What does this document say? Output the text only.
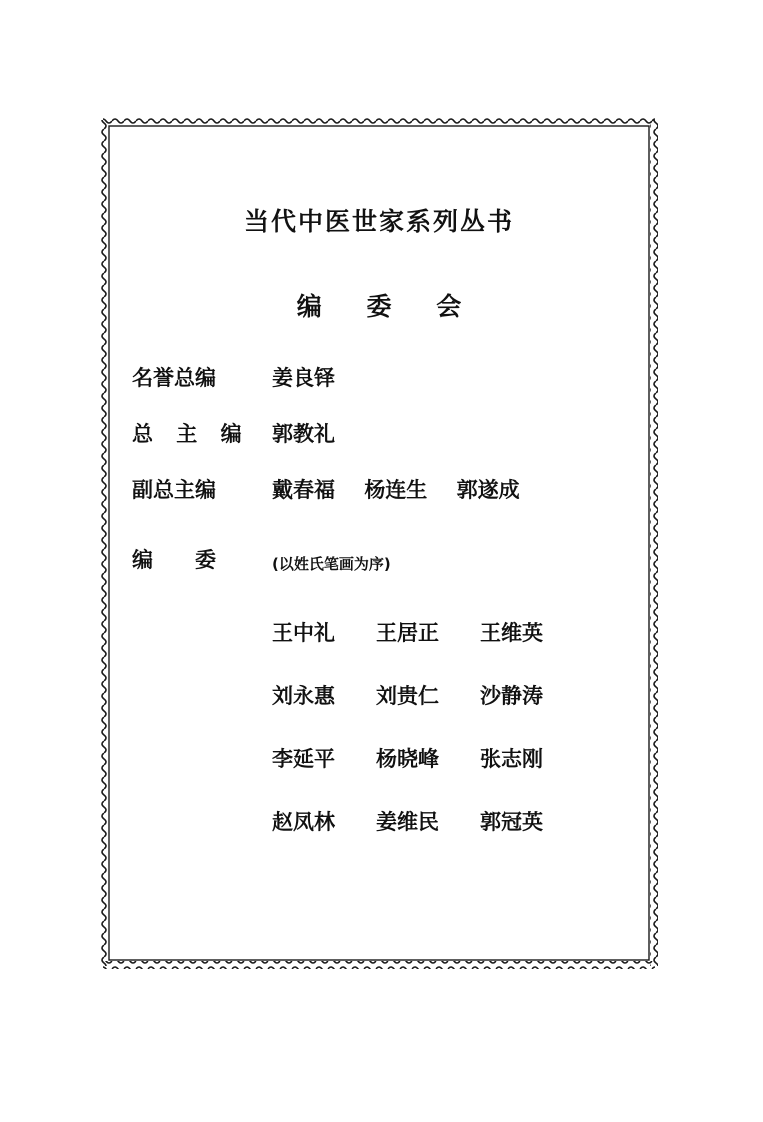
当代中医世家系列丛书
编 委 会
名誉总编	姜良铎
总 主 编	郭教礼
副总主编	戴春福 杨连生 郭遂成
编　　委	(以姓氏笔画为序)
王中礼	王居正	王维英
刘永惠	刘贵仁	沙静涛
李延平	杨晓峰	张志刚
赵凤林	姜维民	郭冠英
